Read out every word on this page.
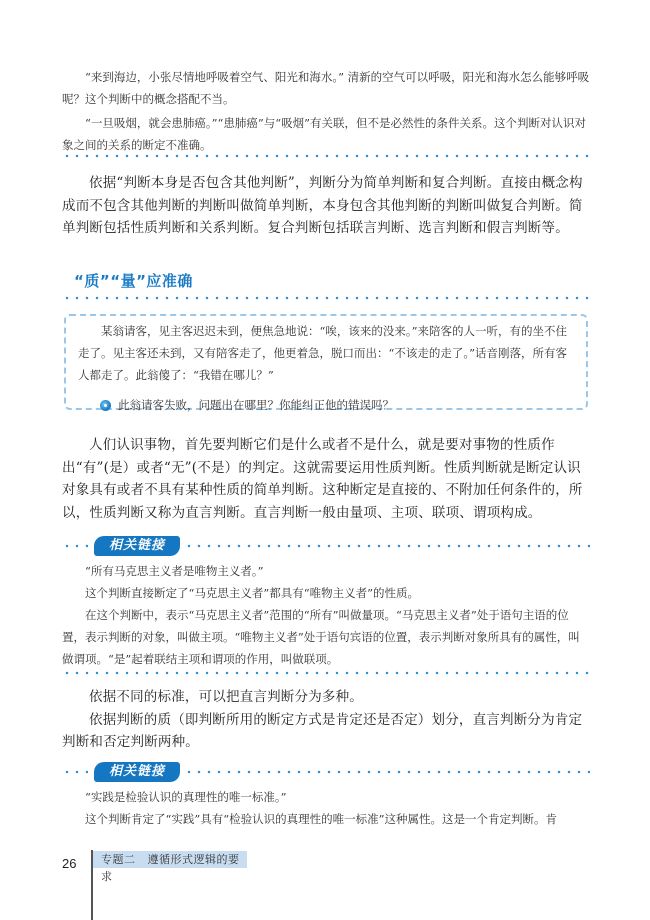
“来到海边，小张尽情地呼吸着空气、阳光和海水。” 清新的空气可以呼吸，阳光和海水怎么能够呼吸呢？这个判断中的概念搭配不当。

“一旦吸烟，就会患肺癌。”“患肺癌”与“吸烟”有关联，但不是必然性的条件关系。这个判断对认识对象之间的关系的断定不准确。

依据“判断本身是否包含其他判断”，判断分为简单判断和复合判断。直接由概念构成而不包含其他判断的判断叫做简单判断，本身包含其他判断的判断叫做复合判断。简单判断包括性质判断和关系判断。复合判断包括联言判断、选言判断和假言判断等。

“质”“量”应准确

某翁请客，见主客迟迟未到，便焦急地说：“唉，该来的没来。”来陪客的人一听，有的坐不住走了。见主客还未到，又有陪客走了，他更着急，脱口而出：“不该走的走了。”话音刚落，所有客人都走了。此翁傻了：“我错在哪儿？”

此翁请客失败，问题出在哪里？你能纠正他的错误吗？

人们认识事物，首先要判断它们是什么或者不是什么，就是要对事物的性质作出“有”(是）或者“无”(不是）的判定。这就需要运用性质判断。性质判断就是断定认识对象具有或者不具有某种性质的简单判断。这种断定是直接的、不附加任何条件的，所以，性质判断又称为直言判断。直言判断一般由量项、主项、联项、谓项构成。

相关链接

“所有马克思主义者是唯物主义者。”

这个判断直接断定了“马克思主义者”都具有“唯物主义者”的性质。

在这个判断中，表示“马克思主义者”范围的“所有”叫做量项。“马克思主义者”处于语句主语的位置，表示判断的对象，叫做主项。“唯物主义者”处于语句宾语的位置，表示判断对象所具有的属性，叫做谓项。“是”起着联结主项和谓项的作用，叫做联项。

依据不同的标准，可以把直言判断分为多种。

依据判断的质（即判断所用的断定方式是肯定还是否定）划分，直言判断分为肯定判断和否定判断两种。

相关链接

“实践是检验认识的真理性的唯一标准。”

这个判断肯定了“实践”具有“检验认识的真理性的唯一标准”这种属性。这是一个肯定判断。肯

26	专题二 遵循形式逻辑的要求
